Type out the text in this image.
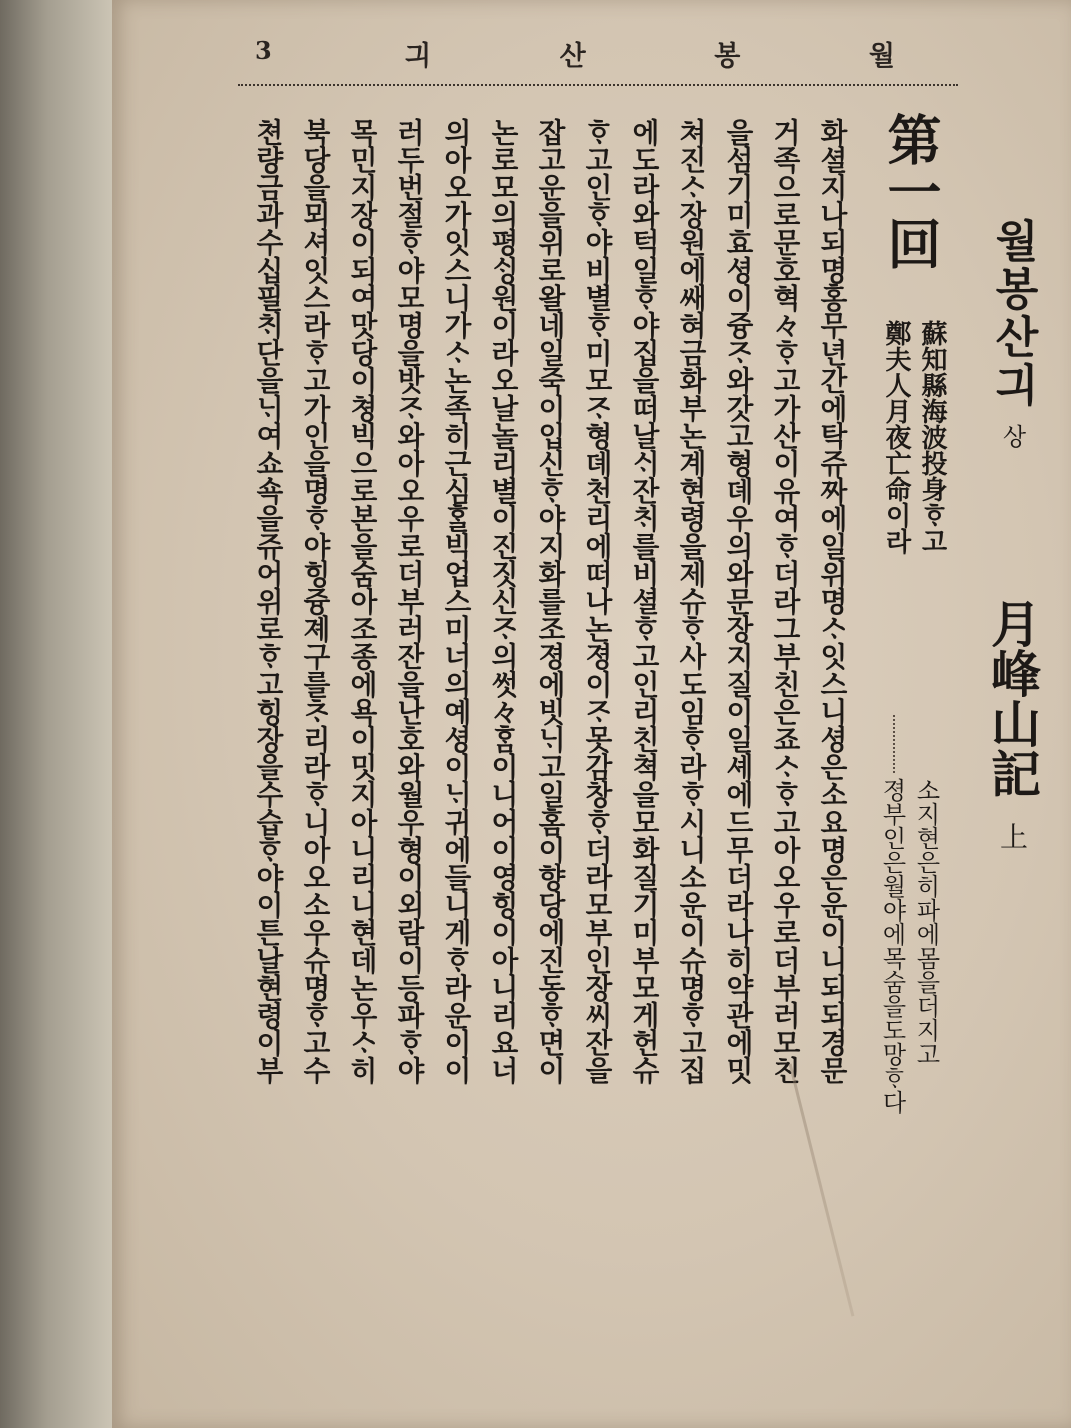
3	긔	산	봉	월
월봉산긔상月峰山記上
第一回
蘇知縣海波投身ᄒᆞ고
鄭夫人月夜亡命이라
소지현은히파에몸을더지고
졍부인은월야에목숨을도망ᄒᆞ다
화셜지나되명홍무년간에탁쥬짜에일위명ᄉᆞ잇스니셩은소요명은운이니되되경문
거족으로문호혁々ᄒᆞ고가산이유여ᄒᆞ더라그부친은죠ᄉᆞᄒᆞ고아오우로더부러모친
을섬기미효셩이즁ᄌᆞ와갓고형뎨우의와문장지질이일셰에드무더라나히약관에밋
쳐진ᄉᆞ장원에쌔혀금화부논계현령을제슈ᄒᆞ사도임ᄒᆞ라ᄒᆞ시니소운이슈명ᄒᆞ고집
에도라와턱일ᄒᆞ야집을떠날ᄉᆡ잔ᄎᆡ를비셜ᄒᆞ고인리친쳑을모화질기미부모게헌슈
ᄒᆞ고인ᄒᆞ야비별ᄒᆞ미모ᄌᆞ형뎨천리에떠나논졍이ᄌᆞ못감창ᄒᆞ더라모부인장씨잔을
잡고운을위로왈네일죽이입신ᄒᆞ야지화를조졍에빗ᄂᆡ고일홈이향당에진동ᄒᆞ면이
논로모의평ᄉᆡᆼ원이라오날놀리별이진짓신ᄌᆞ의썻々ᄒᆞᆷ이니어이영힝이아니리요너
의아오가잇스니가ᄉᆞ논족히근심ᄒᆞᆯ빅업스미너의예셩이ᄂᆡ귀에들니게ᄒᆞ라운이이
러두번절ᄒᆞ야모명을밧ᄌᆞ와아오우로더부러잔을난호와월우형이외람이등파ᄒᆞ야
목민지장이되여맛당이쳥빅으로본을숨아조종에욕이밋지아니리니현데논우ᄉᆞ히
북당을뫼셔잇스라ᄒᆞ고가인을명ᄒᆞ야힝즁졔구를ᄎᆞ리라ᄒᆞ니아오소우슈명ᄒᆞ고수
쳔량금과수십필ᄎᆡ단을ᄂᆡ여쇼쇽을쥬어위로ᄒᆞ고힝장을수습ᄒᆞ야이튼날현령이부
